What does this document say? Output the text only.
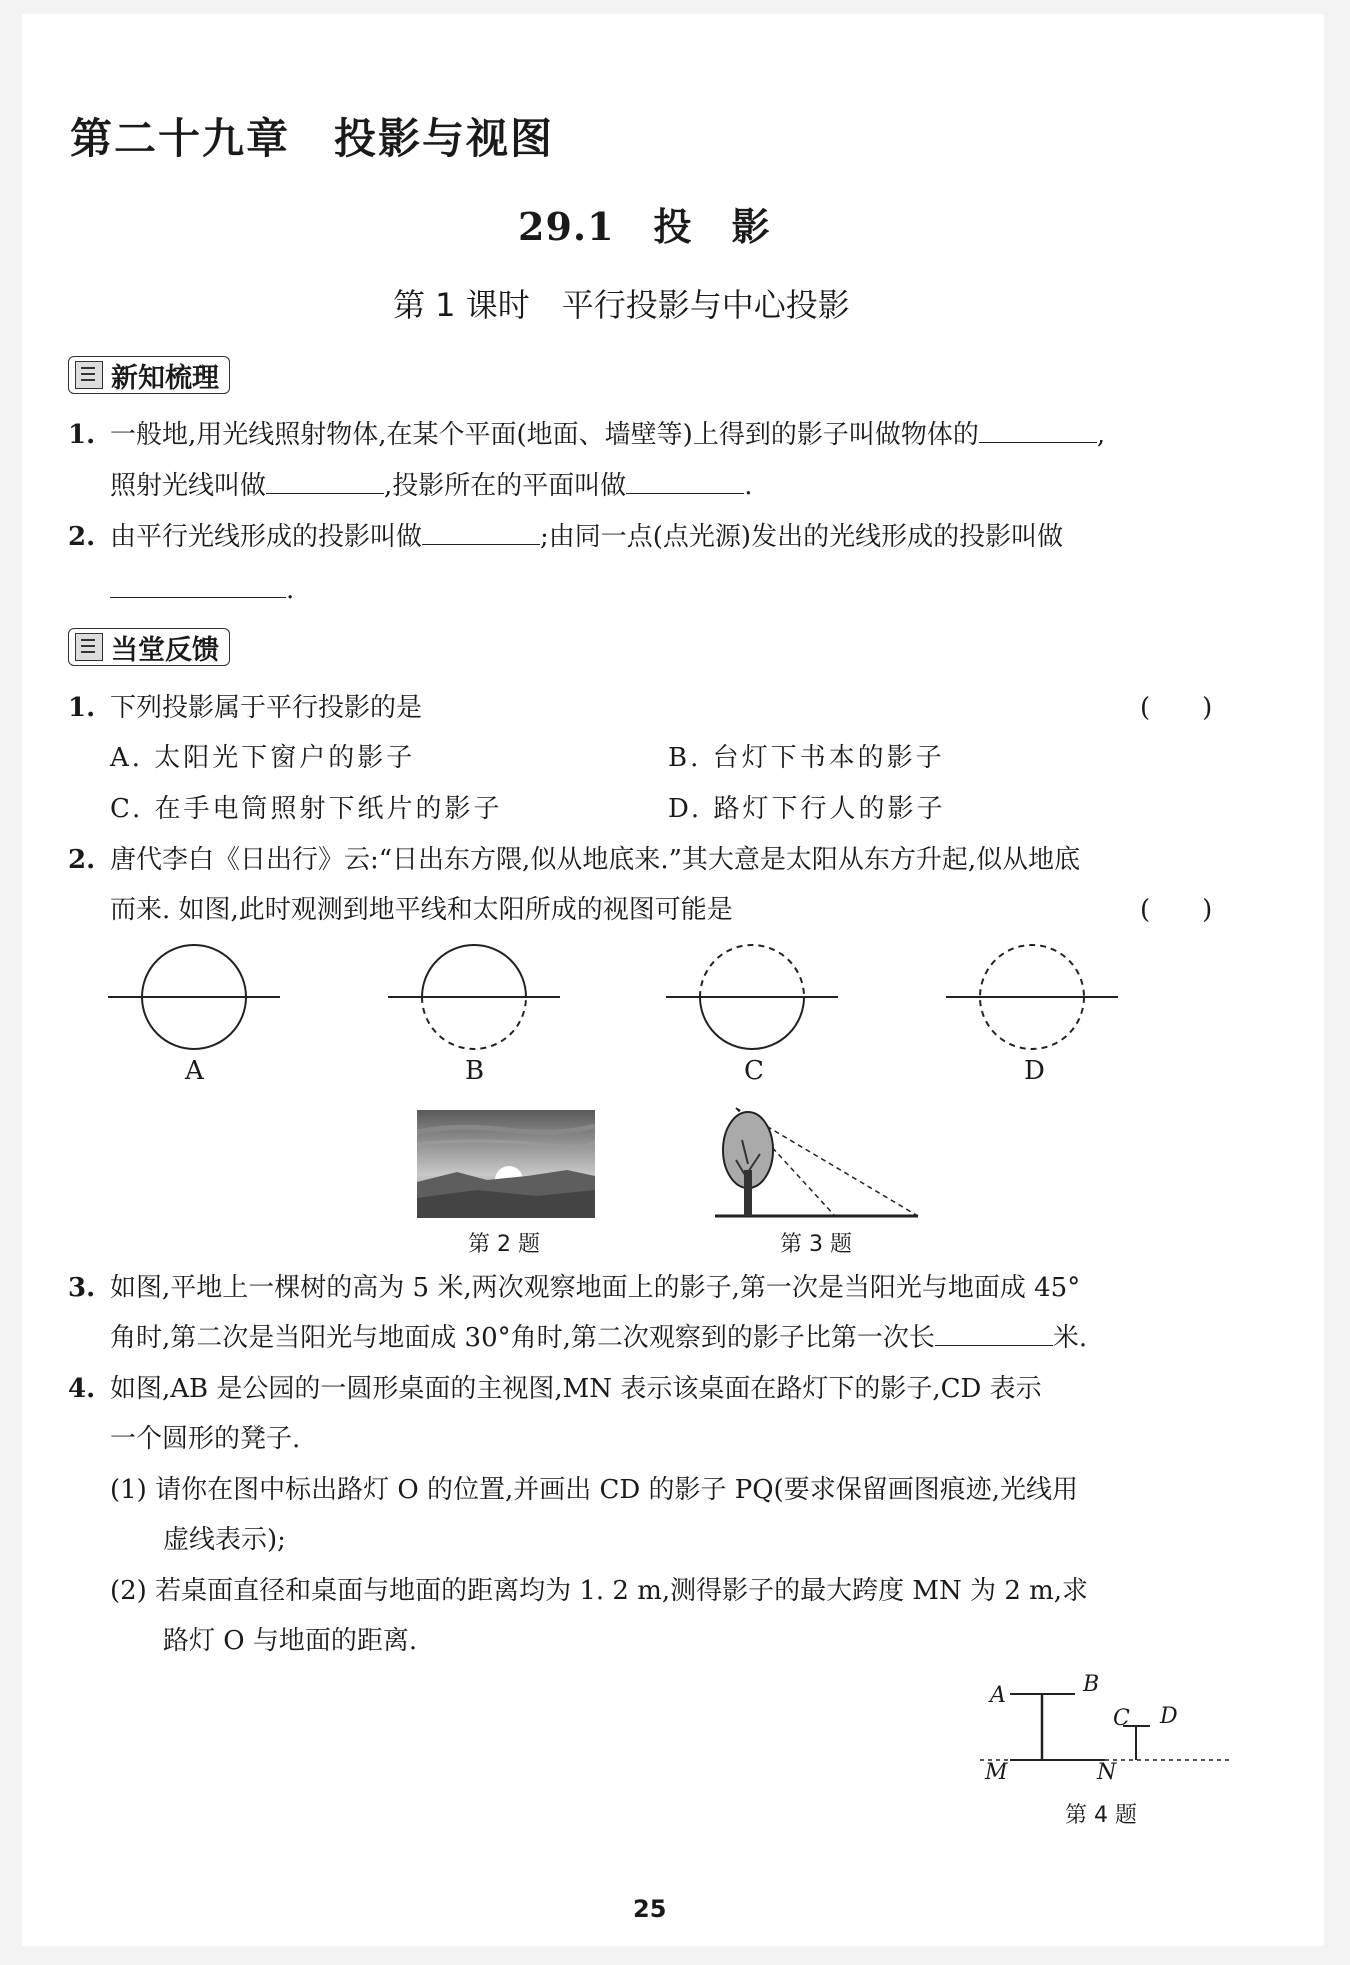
第二十九章　投影与视图
29.1　投　影
第 1 课时　平行投影与中心投影
新知梳理
1. 一般地,用光线照射物体,在某个平面(地面、墙壁等)上得到的影子叫做物体的	,
照射光线叫做	,投影所在的平面叫做	.
2. 由平行光线形成的投影叫做	;由同一点(点光源)发出的光线形成的投影叫做
.
当堂反馈
1. 下列投影属于平行投影的是	(　　)
A. 太阳光下窗户的影子	B. 台灯下书本的影子
C. 在手电筒照射下纸片的影子	D. 路灯下行人的影子
2. 唐代李白《日出行》云:“日出东方隈,似从地底来.”其大意是太阳从东方升起,似从地底
而来. 如图,此时观测到地平线和太阳所成的视图可能是	(　　)
A	B	C	D
第 2 题	第 3 题
3. 如图,平地上一棵树的高为 5 米,两次观察地面上的影子,第一次是当阳光与地面成 45°
角时,第二次是当阳光与地面成 30°角时,第二次观察到的影子比第一次长	米.
4. 如图,AB 是公园的一圆形桌面的主视图,MN 表示该桌面在路灯下的影子,CD 表示
一个圆形的凳子.
(1) 请你在图中标出路灯 O 的位置,并画出 CD 的影子 PQ(要求保留画图痕迹,光线用
虚线表示);
(2) 若桌面直径和桌面与地面的距离均为 1. 2 m,测得影子的最大跨度 MN 为 2 m,求
路灯 O 与地面的距离.
A	B
C D
M	N
第 4 题
25
